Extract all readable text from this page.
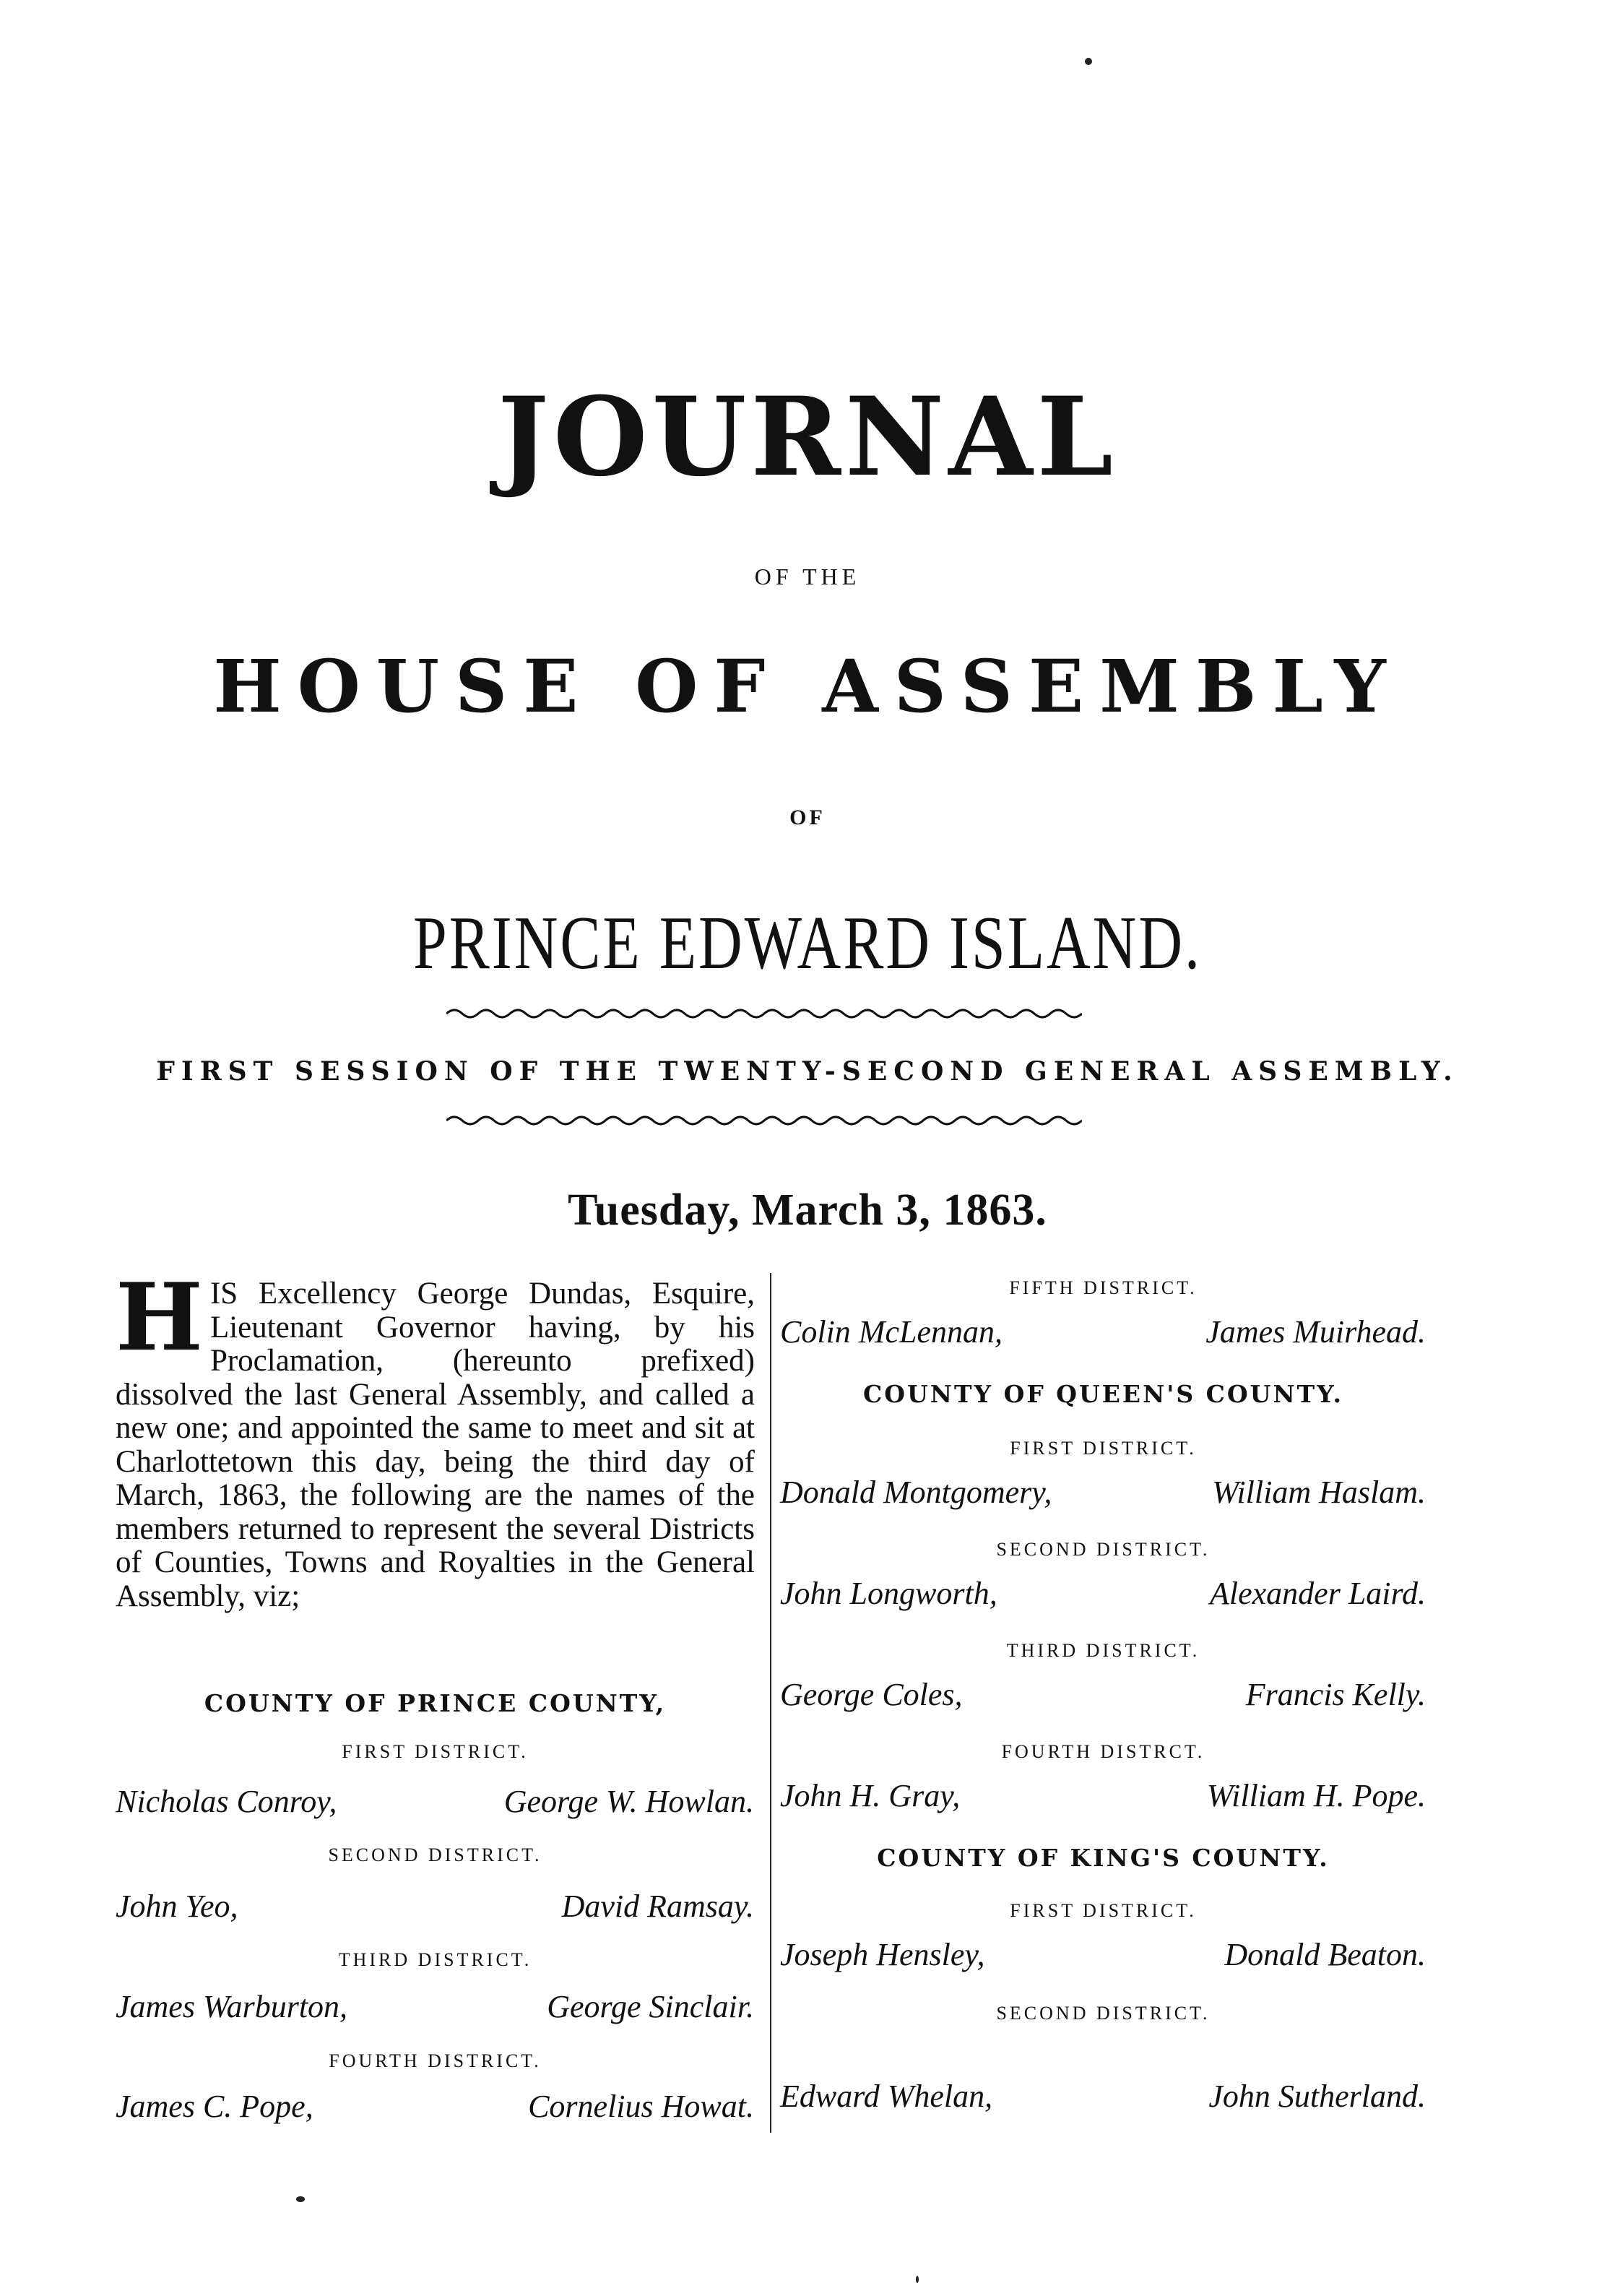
JOURNAL
OF THE
HOUSE OF ASSEMBLY
OF
PRINCE EDWARD ISLAND.
FIRST SESSION OF THE TWENTY-SECOND GENERAL ASSEMBLY.
Tuesday, March 3, 1863.
HIS Excellency George Dundas, Esquire, Lieutenant Governor having, by his Proclamation, (hereunto prefixed) dissolved the last General Assembly, and called a new one; and appointed the same to meet and sit at Charlottetown this day, being the third day of March, 1863, the following are the names of the members returned to represent the several Districts of Counties, Towns and Royalties in the General Assembly, viz;
COUNTY OF PRINCE COUNTY,
FIRST DISTRICT.
Nicholas Conroy,	George W. Howlan.
SECOND DISTRICT.
John Yeo,	David Ramsay.
THIRD DISTRICT.
James Warburton,	George Sinclair.
FOURTH DISTRICT.
James C. Pope,	Cornelius Howat.
FIFTH DISTRICT.
Colin McLennan,	James Muirhead.
COUNTY OF QUEEN'S COUNTY.
FIRST DISTRICT.
Donald Montgomery,	William Haslam.
SECOND DISTRICT.
John Longworth,	Alexander Laird.
THIRD DISTRICT.
George Coles,	Francis Kelly.
FOURTH DISTRCT.
John H. Gray,	William H. Pope.
COUNTY OF KING'S COUNTY.
FIRST DISTRICT.
Joseph Hensley,	Donald Beaton.
SECOND DISTRICT.
Edward Whelan,	John Sutherland.
